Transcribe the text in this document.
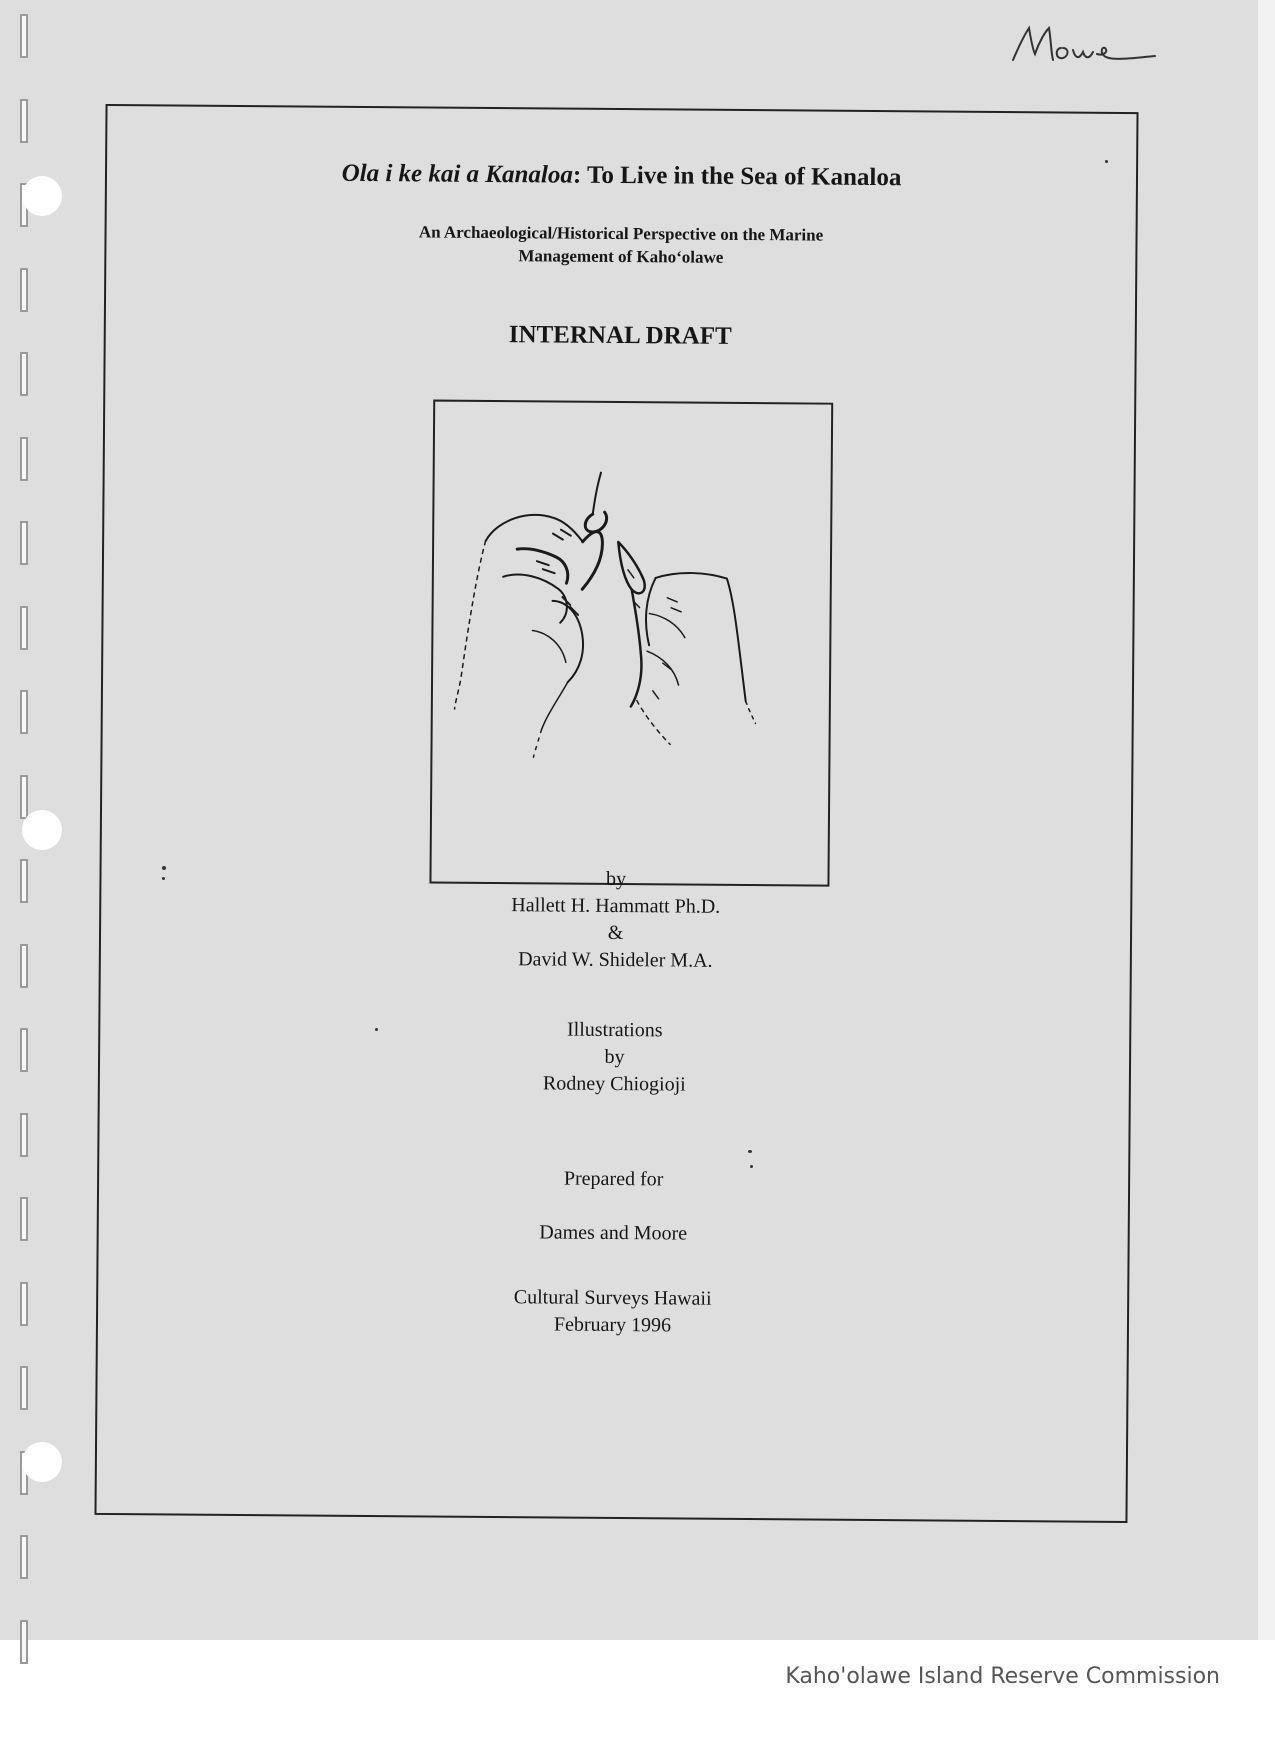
Ola i ke kai a Kanaloa: To Live in the Sea of Kanaloa
An Archaeological/Historical Perspective on the Marine
Management of Kaho‘olawe
INTERNAL DRAFT
by
Hallett H. Hammatt Ph.D.
&
David W. Shideler M.A.
Illustrations
by
Rodney Chiogioji
Prepared for
Dames and Moore
Cultural Surveys Hawaii
February 1996
Kaho'olawe Island Reserve Commission
